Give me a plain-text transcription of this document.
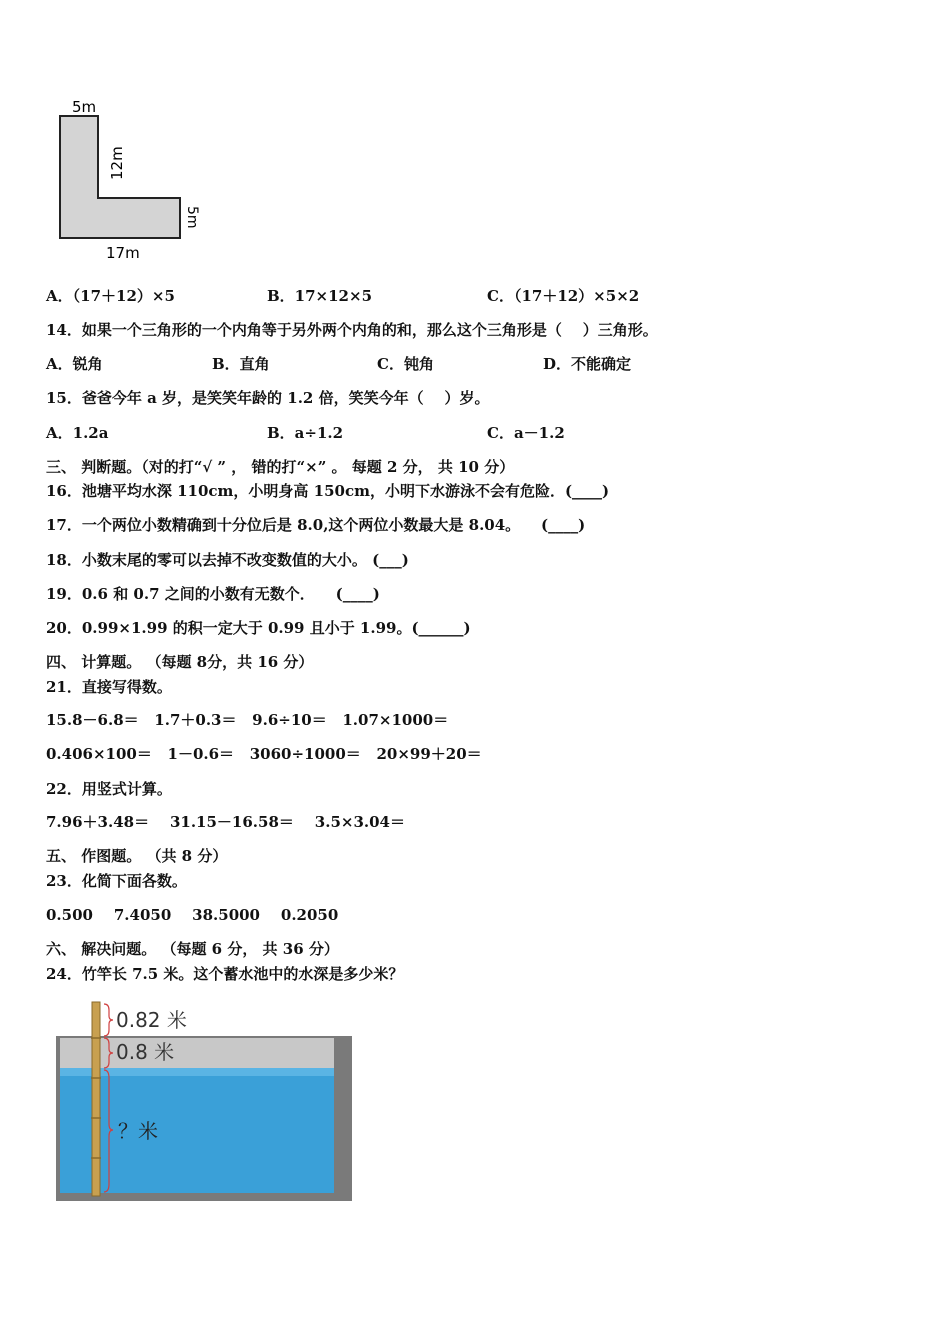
5m
12m
5m
17m
A．（17＋12）×5	B．17×12×5	C．（17＋12）×5×2
14．如果一个三角形的一个内角等于另外两个内角的和，那么这个三角形是（    ）三角形。
A．锐角	B．直角	C．钝角	D．不能确定
15．爸爸今年 a 岁，是笑笑年龄的 1.2 倍，笑笑今年（    ）岁。
A．1.2a	B．a÷1.2	C．a－1.2
三、 判断题。（对的打“√ ” ， 错的打“×” 。 每题 2 分， 共 10 分）
16．池塘平均水深 110cm，小明身高 150cm，小明下水游泳不会有危险．(____)
17．一个两位小数精确到十分位后是 8.0,这个两位小数最大是 8.04。    (____)
18．小数末尾的零可以去掉不改变数值的大小。 (___)
19．0.6 和 0.7 之间的小数有无数个．    (____)
20．0.99×1.99 的积一定大于 0.99 且小于 1.99。(______)
四、 计算题。 （每题 8分，共 16 分）
21．直接写得数。
15.8－6.8＝   1.7＋0.3＝   9.6÷10＝   1.07×1000＝
0.406×100＝   1－0.6＝   3060÷1000＝   20×99＋20＝
22．用竖式计算。
7.96＋3.48＝    31.15－16.58＝    3.5×3.04＝
五、 作图题。 （共 8 分）
23．化简下面各数。
0.500    7.4050    38.5000    0.2050
六、 解决问题。 （每题 6 分， 共 36 分）
24．竹竿长 7.5 米。这个蓄水池中的水深是多少米？
0.82 米
0.8 米
？米
